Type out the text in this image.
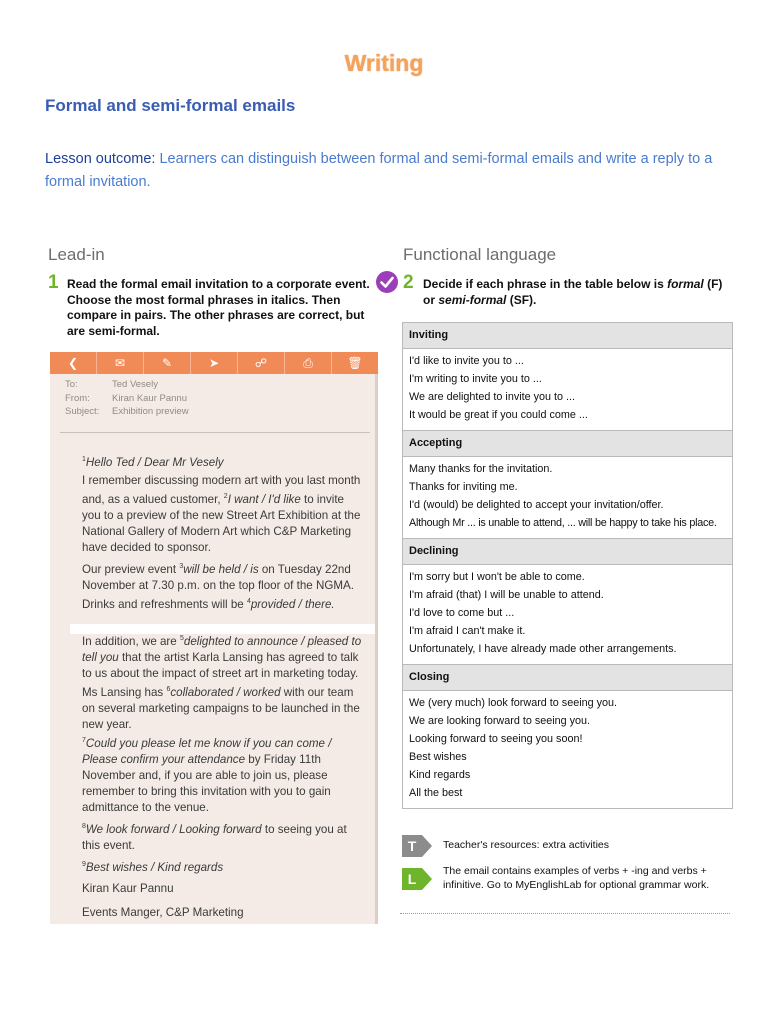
Writing
Formal and semi-formal emails
Lesson outcome: Learners can distinguish between formal and semi-formal emails and write a reply to a formal invitation.
Lead-in
1 Read the formal email invitation to a corporate event. Choose the most formal phrases in italics. Then compare in pairs. The other phrases are correct, but are semi-formal.
❮	✉	✎	➤	☍	⎙	🗑
To:	Ted Vesely
From: Kiran Kaur Pannu
Subject: Exhibition preview

$^1$Hello Ted / Dear Mr Vesely

I remember discussing modern art with you last month and, as a valued customer, $^2$I want / I'd like to invite you to a preview of the new Street Art Exhibition at the National Gallery of Modern Art which C&P Marketing have decided to sponsor.

Our preview event $^3$will be held / is on Tuesday 22nd November at 7.30 p.m. on the top floor of the NGMA. Drinks and refreshments will be $^4$provided / there.

In addition, we are $^5$delighted to announce / pleased to tell you that the artist Karla Lansing has agreed to talk to us about the impact of street art in marketing today. Ms Lansing has $^6$collaborated / worked with our team on several marketing campaigns to be launched in the new year.

$^7$Could you please let me know if you can come / Please confirm your attendance by Friday 11th November and, if you are able to join us, please remember to bring this invitation with you to gain admittance to the venue.

$^8$We look forward / Looking forward to seeing you at this event.

$^9$Best wishes / Kind regards

Kiran Kaur Pannu
Events Manger, C&P Marketing
Functional language
2 Decide if each phrase in the table below is formal (F) or semi-formal (SF).
Inviting
I'd like to invite you to ...
I'm writing to invite you to ...
We are delighted to invite you to ...
It would be great if you could come ...
Accepting
Many thanks for the invitation.
Thanks for inviting me.
I'd (would) be delighted to accept your invitation/offer.
Although Mr ... is unable to attend, ... will be happy to take his place.
Declining
I'm sorry but I won't be able to come.
I'm afraid (that) I will be unable to attend.
I'd love to come but ...
I'm afraid I can't make it.
Unfortunately, I have already made other arrangements.
Closing
We (very much) look forward to seeing you.
We are looking forward to seeing you.
Looking forward to seeing you soon!
Best wishes
Kind regards
All the best
T	Teacher's resources: extra activities
L	The email contains examples of verbs + -ing and verbs + infinitive. Go to MyEnglishLab for optional grammar work.
